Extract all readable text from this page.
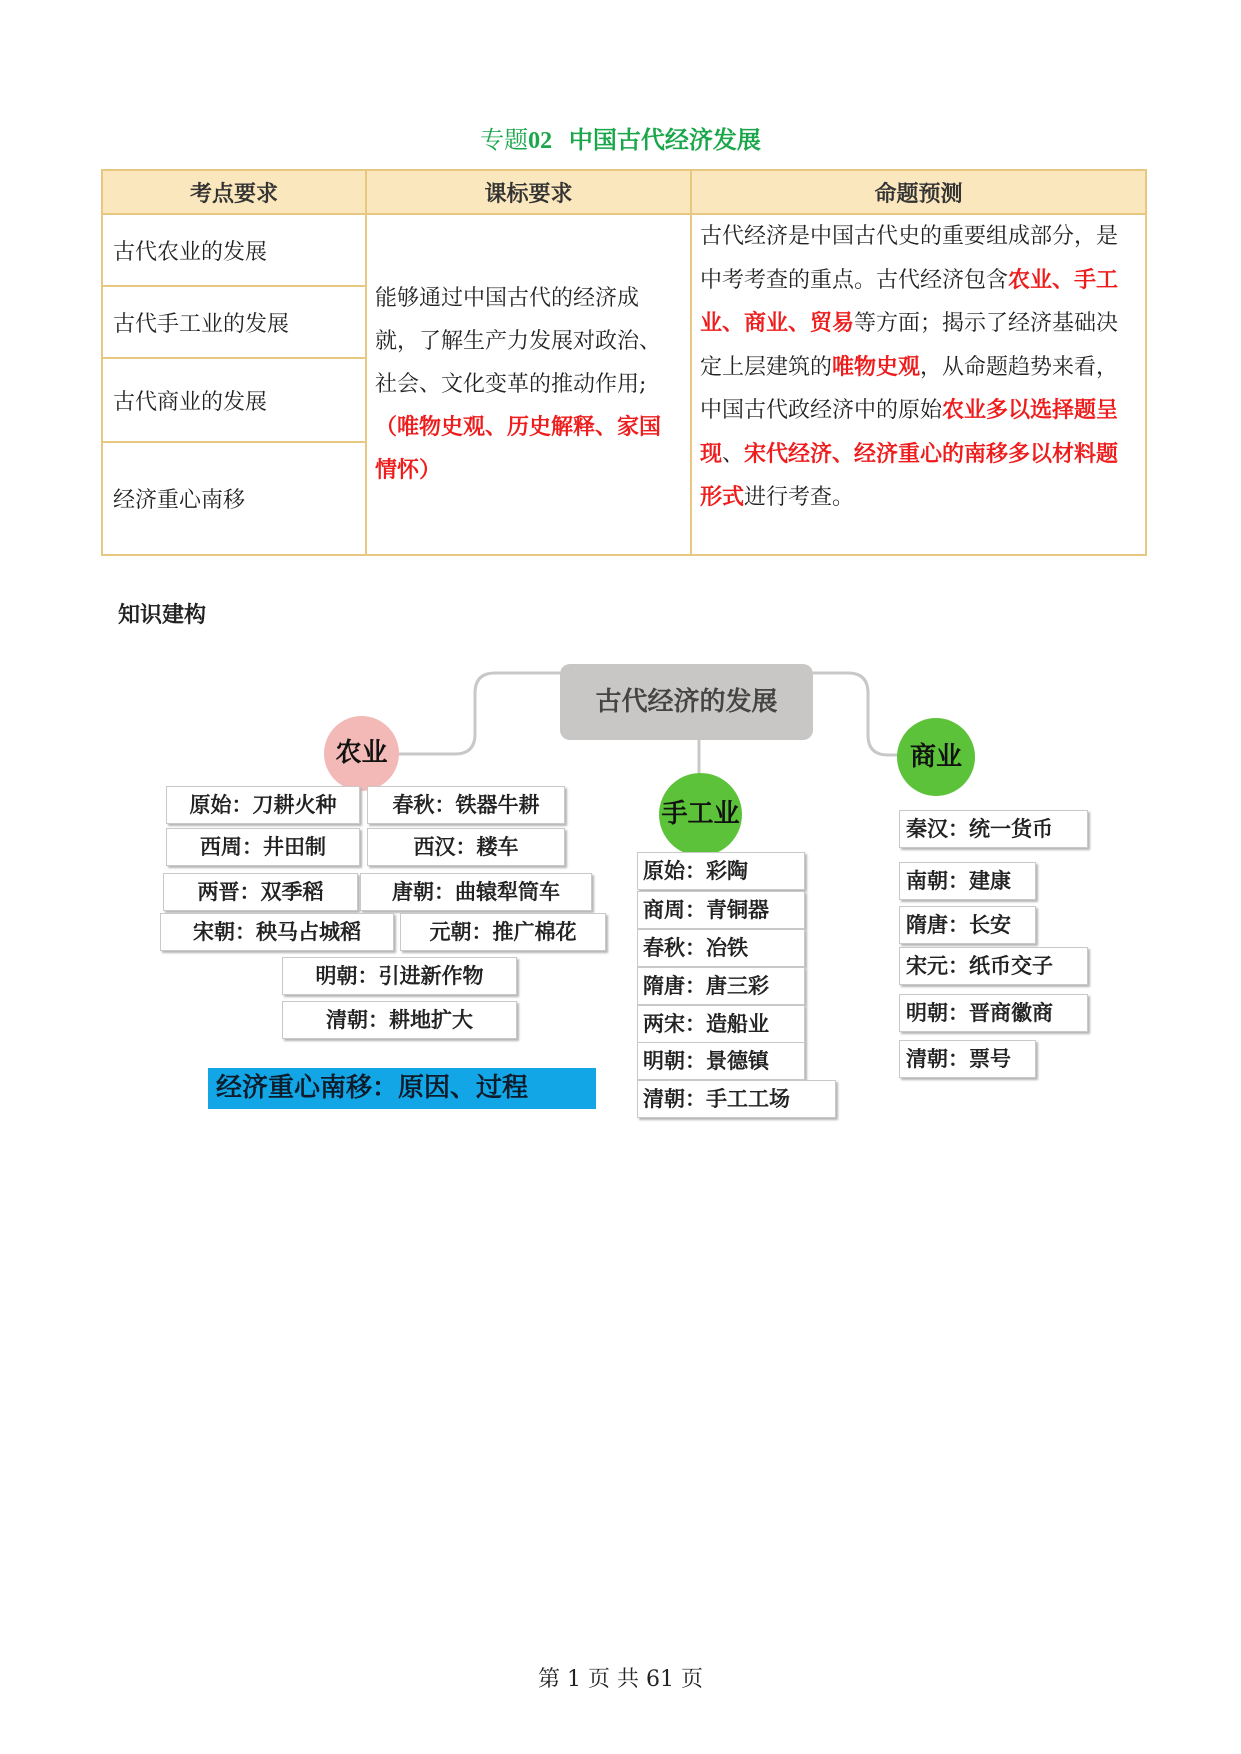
专题02 中国古代经济发展
考点要求	课标要求	命题预测
古代农业的发展	能够通过中国古代的经济成就，了解生产力发展对政治、社会、文化变革的推动作用;（唯物史观、历史解释、家国情怀）	古代经济是中国古代史的重要组成部分，是中考考查的重点。古代经济包含农业、手工业、商业、贸易等方面；揭示了经济基础决定上层建筑的唯物史观，从命题趋势来看，中国古代政经济中的原始农业多以选择题呈现、宋代经济、经济重心的南移多以材料题形式进行考查。
古代手工业的发展		
古代商业的发展		
经济重心南移		
知识建构
古代经济的发展
农业	商业
手工业
原始：刀耕火种	春秋：铁器牛耕
西周：井田制	西汉：耧车
两晋：双季稻	唐朝：曲辕犁筒车
宋朝：秧马占城稻	元朝：推广棉花
明朝：引进新作物
清朝：耕地扩大
经济重心南移：原因、过程
原始：彩陶
商周：青铜器
春秋：冶铁
隋唐：唐三彩
两宋：造船业
明朝：景德镇
清朝：手工工场
秦汉：统一货币
南朝：建康
隋唐：长安
宋元：纸币交子
明朝：晋商徽商
清朝：票号
第 1 页 共 61 页
